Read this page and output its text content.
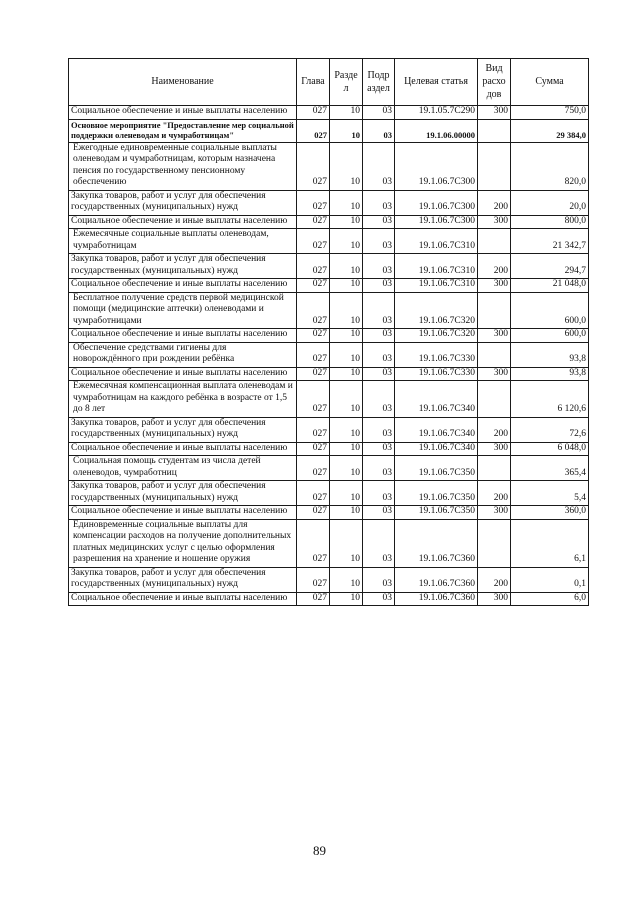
Наименование	Глава	Разде л	Подр аздел	Целевая статья	Вид расхо дов	Сумма
Социальное обеспечение и иные выплаты населению	027	10	03	19.1.05.7С290	300	750,0
Основное мероприятие "Предоставление мер социальной поддержки оленеводам и чумработницам"	027	10	03	19.1.06.00000		29 384,0
Ежегодные единовременные социальные выплаты оленеводам и чумработницам, которым назначена пенсия по государственному пенсионному обеспечению	027	10	03	19.1.06.7С300		820,0
Закупка товаров, работ и услуг для обеспечения государственных (муниципальных) нужд	027	10	03	19.1.06.7С300	200	20,0
Социальное обеспечение и иные выплаты населению	027	10	03	19.1.06.7С300	300	800,0
Ежемесячные социальные выплаты оленеводам, чумработницам	027	10	03	19.1.06.7С310		21 342,7
Закупка товаров, работ и услуг для обеспечения государственных (муниципальных) нужд	027	10	03	19.1.06.7С310	200	294,7
Социальное обеспечение и иные выплаты населению	027	10	03	19.1.06.7С310	300	21 048,0
Бесплатное получение средств первой медицинской помощи (медицинские аптечки) оленеводами и чумработницами	027	10	03	19.1.06.7С320		600,0
Социальное обеспечение и иные выплаты населению	027	10	03	19.1.06.7С320	300	600,0
Обеспечение средствами гигиены для новорождённого при рождении ребёнка	027	10	03	19.1.06.7С330		93,8
Социальное обеспечение и иные выплаты населению	027	10	03	19.1.06.7С330	300	93,8
Ежемесячная компенсационная выплата оленеводам и чумработницам на каждого ребёнка в возрасте от 1,5 до 8 лет	027	10	03	19.1.06.7С340		6 120,6
Закупка товаров, работ и услуг для обеспечения государственных (муниципальных) нужд	027	10	03	19.1.06.7С340	200	72,6
Социальное обеспечение и иные выплаты населению	027	10	03	19.1.06.7С340	300	6 048,0
Социальная помощь студентам из числа детей оленеводов, чумработниц	027	10	03	19.1.06.7С350		365,4
Закупка товаров, работ и услуг для обеспечения государственных (муниципальных) нужд	027	10	03	19.1.06.7С350	200	5,4
Социальное обеспечение и иные выплаты населению	027	10	03	19.1.06.7С350	300	360,0
Единовременные социальные выплаты для компенсации расходов на получение дополнительных платных медицинских услуг с целью оформления разрешения на хранение и ношение оружия	027	10	03	19.1.06.7С360		6,1
Закупка товаров, работ и услуг для обеспечения государственных (муниципальных) нужд	027	10	03	19.1.06.7С360	200	0,1
Социальное обеспечение и иные выплаты населению	027	10	03	19.1.06.7С360	300	6,0
89
